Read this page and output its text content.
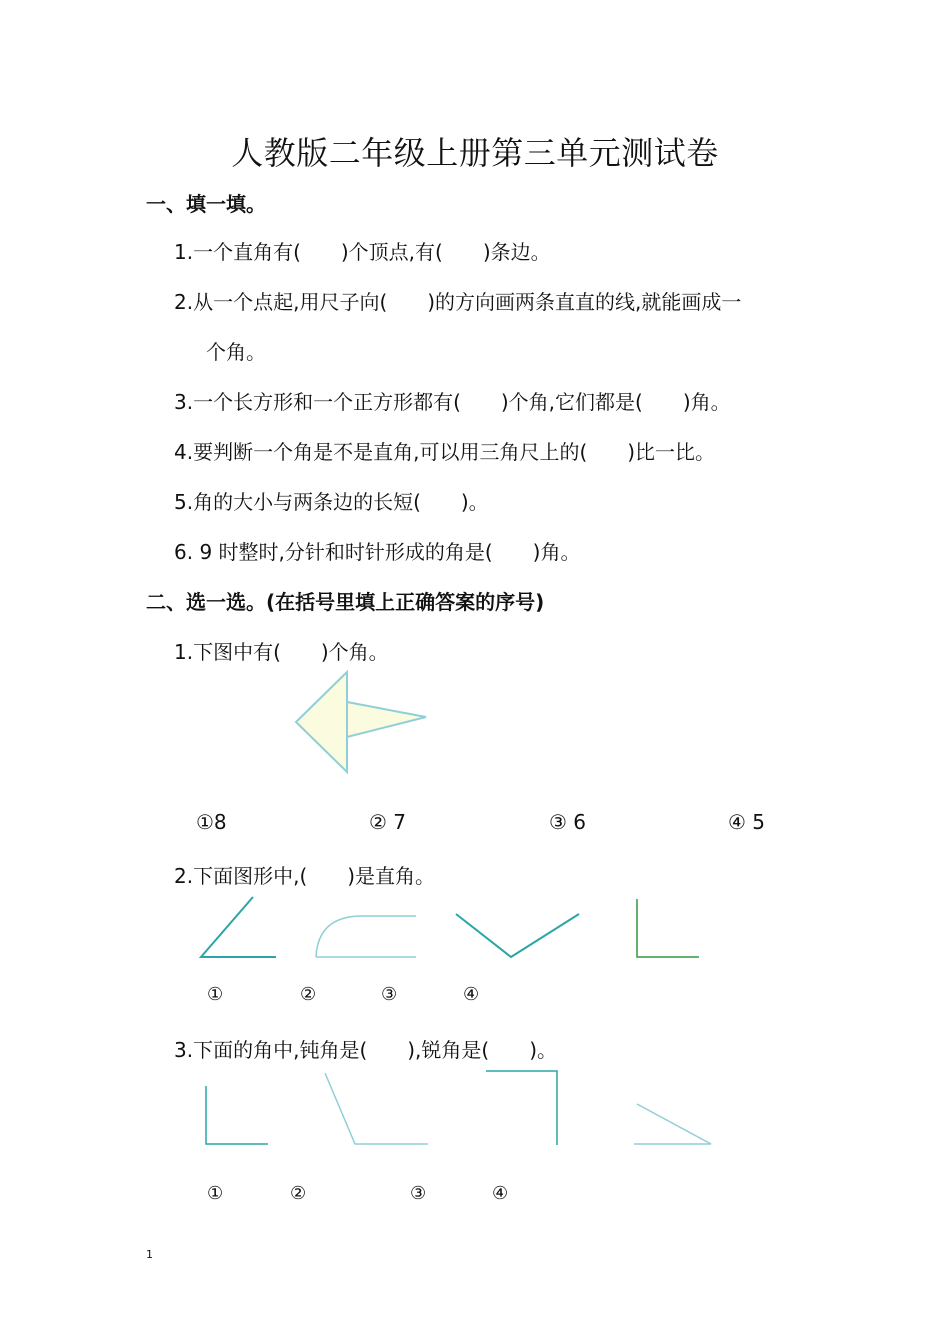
人教版二年级上册第三单元测试卷
一、填一填。
1.一个直角有(　　)个顶点,有(　　)条边。
2.从一个点起,用尺子向(　　)的方向画两条直直的线,就能画成一
个角。
3.一个长方形和一个正方形都有(　　)个角,它们都是(　　)角。
4.要判断一个角是不是直角,可以用三角尺上的(　　)比一比。
5.角的大小与两条边的长短(　　)。
6. 9 时整时,分针和时针形成的角是(　　)角。
二、选一选。(在括号里填上正确答案的序号)
1.下图中有(　　)个角。
①8	② 7	③ 6	④ 5
2.下面图形中,(　　)是直角。
①	②	③	④
3.下面的角中,钝角是(　　),锐角是(　　)。
①	②	③	④
1
